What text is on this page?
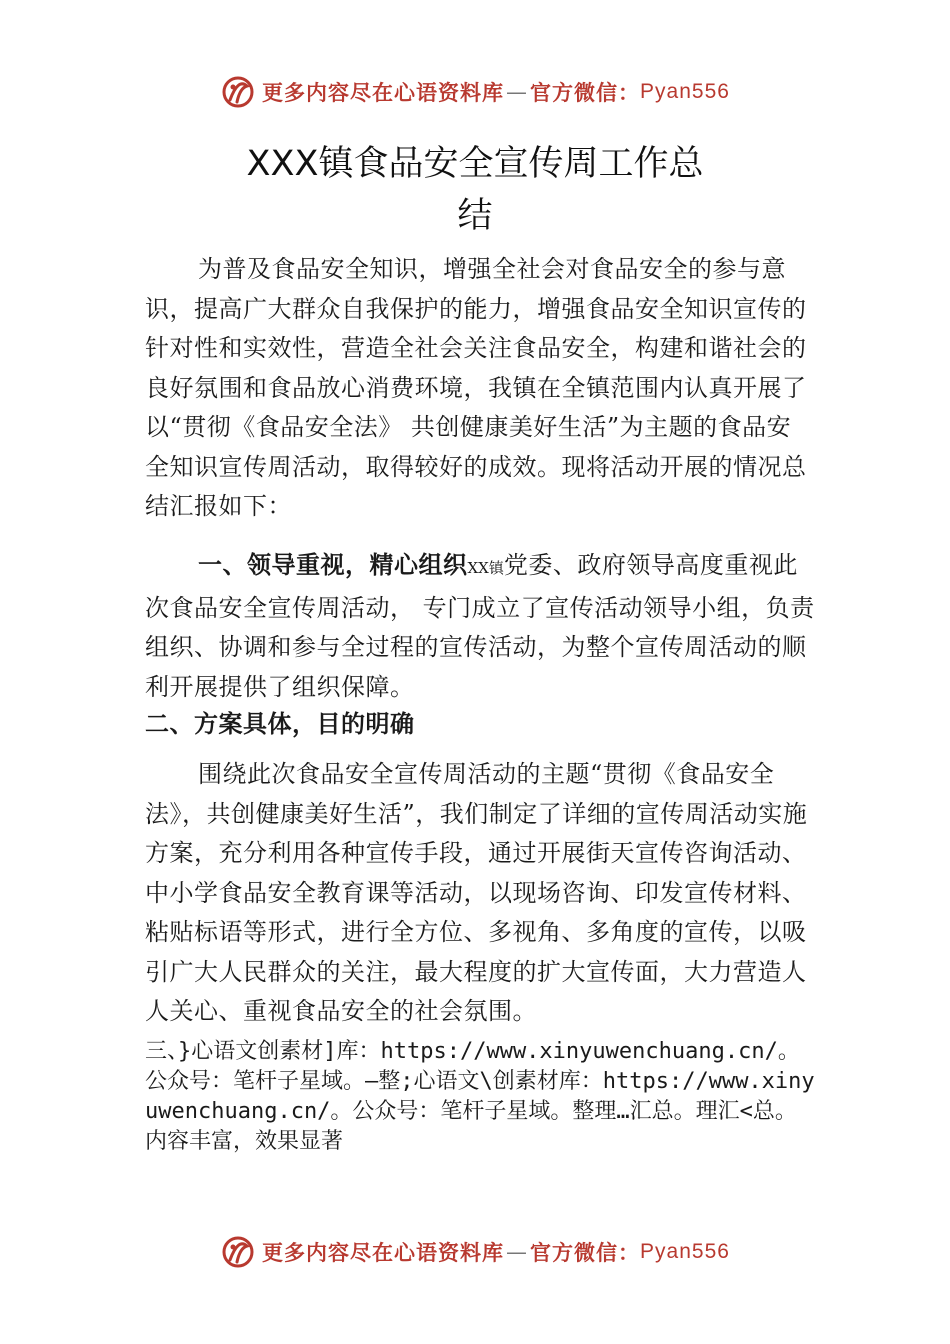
更多内容尽在心语资料库 — 官方微信： Pyan556
XXX镇食品安全宣传周工作总
结
为普及食品安全知识，增强全社会对食品安全的参与意识，提高广大群众自我保护的能力，增强食品安全知识宣传的针对性和实效性，营造全社会关注食品安全，构建和谐社会的良好氛围和食品放心消费环境，我镇在全镇范围内认真开展了以“贯彻《食品安全法》 共创健康美好生活”为主题的食品安全知识宣传周活动，取得较好的成效。现将活动开展的情况总结汇报如下：
一、领导重视，精心组织XX镇党委、政府领导高度重视此次食品安全宣传周活动， 专门成立了宣传活动领导小组，负责组织、协调和参与全过程的宣传活动，为整个宣传周活动的顺利开展提供了组织保障。
二、方案具体，目的明确
围绕此次食品安全宣传周活动的主题“贯彻《食品安全法》，共创健康美好生活”，我们制定了详细的宣传周活动实施方案，充分利用各种宣传手段，通过开展街天宣传咨询活动、中小学食品安全教育课等活动，以现场咨询、印发宣传材料、粘贴标语等形式，进行全方位、多视角、多角度的宣传，以吸引广大人民群众的关注，最大程度的扩大宣传面，大力营造人人关心、重视食品安全的社会氛围。
三、}心语文创素材]库：https://www.xinyuwenchuang.cn/。公众号：笔杆子星域。—整;心语文\创素材库：https://www.xinyuwenchuang.cn/。公众号：笔杆子星域。整理…汇总。理汇<总。内容丰富，效果显著
更多内容尽在心语资料库 — 官方微信： Pyan556
